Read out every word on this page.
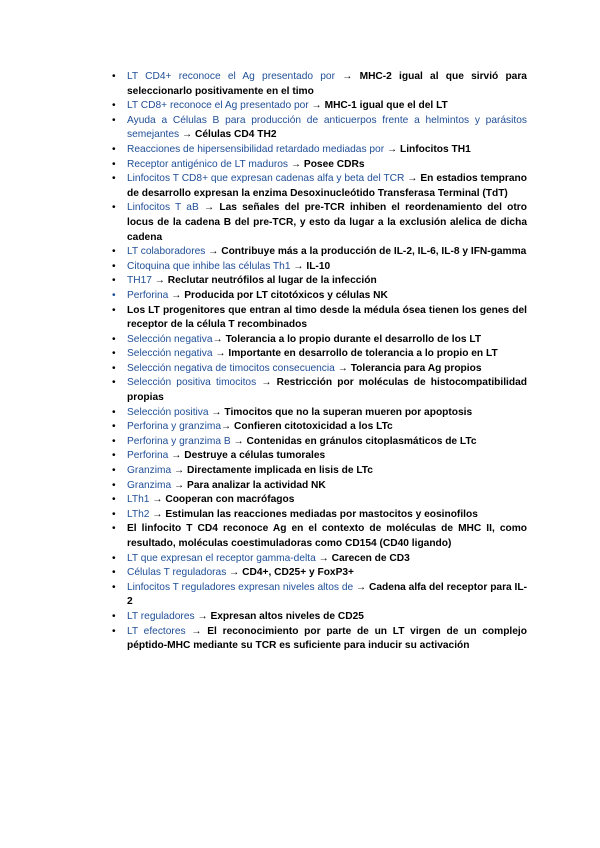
• LT CD4+ reconoce el Ag presentado por → MHC-2 igual al que sirvió para seleccionarlo positivamente en el timo
• LT CD8+ reconoce el Ag presentado por → MHC-1 igual que el del LT
• Ayuda a Células B para producción de anticuerpos frente a helmintos y parásitos semejantes → Células CD4 TH2
• Reacciones de hipersensibilidad retardado mediadas por → Linfocitos TH1
• Receptor antigénico de LT maduros → Posee CDRs
• Linfocitos T CD8+ que expresan cadenas alfa y beta del TCR → En estadios temprano de desarrollo expresan la enzima Desoxinucleótido Transferasa Terminal (TdT)
• Linfocitos T aB → Las señales del pre-TCR inhiben el reordenamiento del otro locus de la cadena B del pre-TCR, y esto da lugar a la exclusión alelica de dicha cadena
• LT colaboradores → Contribuye más a la producción de IL-2, IL-6, IL-8 y IFN-gamma
• Citoquina que inhibe las células Th1 → IL-10
• TH17 → Reclutar neutrófilos al lugar de la infección
• Perforina → Producida por LT citotóxicos y células NK
• Los LT progenitores que entran al timo desde la médula ósea tienen los genes del receptor de la célula T recombinados
• Selección negativa→ Tolerancia a lo propio durante el desarrollo de los LT
• Selección negativa → Importante en desarrollo de tolerancia a lo propio en LT
• Selección negativa de timocitos consecuencia → Tolerancia para Ag propios
• Selección positiva timocitos → Restricción por moléculas de histocompatibilidad propias
• Selección positiva → Timocitos que no la superan mueren por apoptosis
• Perforina y granzima→ Confieren citotoxicidad a los LTc
• Perforina y granzima B → Contenidas en gránulos citoplasmáticos de LTc
• Perforina → Destruye a células tumorales
• Granzima → Directamente implicada en lisis de LTc
• Granzima → Para analizar la actividad NK
• LTh1 → Cooperan con macrófagos
• LTh2 → Estimulan las reacciones mediadas por mastocitos y eosinofilos
• El linfocito T CD4 reconoce Ag en el contexto de moléculas de MHC II, como resultado, moléculas coestimuladoras como CD154 (CD40 ligando)
• LT que expresan el receptor gamma-delta → Carecen de CD3
• Células T reguladoras → CD4+, CD25+ y FoxP3+
• Linfocitos T reguladores expresan niveles altos de → Cadena alfa del receptor para IL-2
• LT reguladores → Expresan altos niveles de CD25
• LT efectores → El reconocimiento por parte de un LT virgen de un complejo péptido-MHC mediante su TCR es suficiente para inducir su activación
